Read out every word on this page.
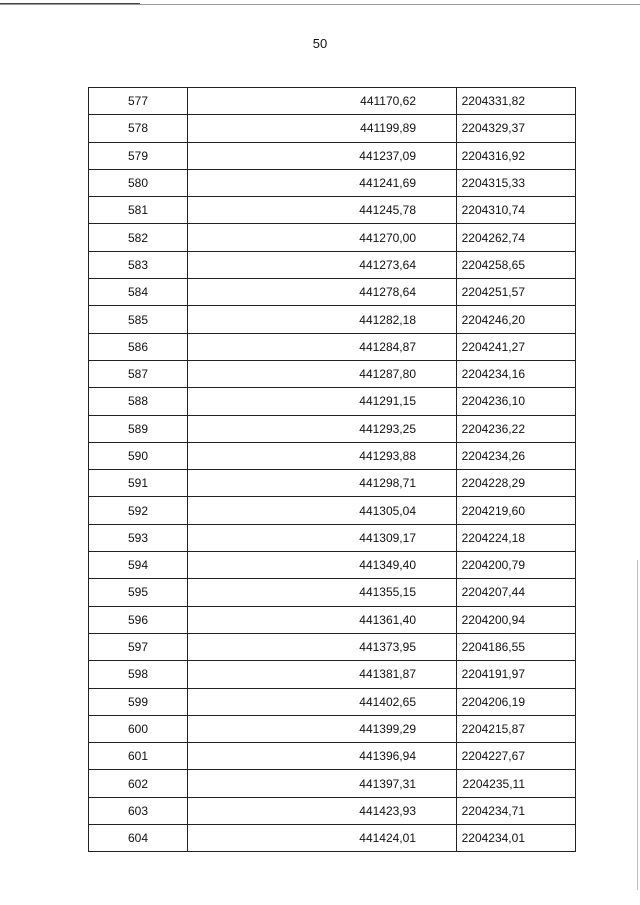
50
577	441170,62	2204331,82
578	441199,89	2204329,37
579	441237,09	2204316,92
580	441241,69	2204315,33
581	441245,78	2204310,74
582	441270,00	2204262,74
583	441273,64	2204258,65
584	441278,64	2204251,57
585	441282,18	2204246,20
586	441284,87	2204241,27
587	441287,80	2204234,16
588	441291,15	2204236,10
589	441293,25	2204236,22
590	441293,88	2204234,26
591	441298,71	2204228,29
592	441305,04	2204219,60
593	441309,17	2204224,18
594	441349,40	2204200,79
595	441355,15	2204207,44
596	441361,40	2204200,94
597	441373,95	2204186,55
598	441381,87	2204191,97
599	441402,65	2204206,19
600	441399,29	2204215,87
601	441396,94	2204227,67
602	441397,31	2204235,11
603	441423,93	2204234,71
604	441424,01	2204234,01
